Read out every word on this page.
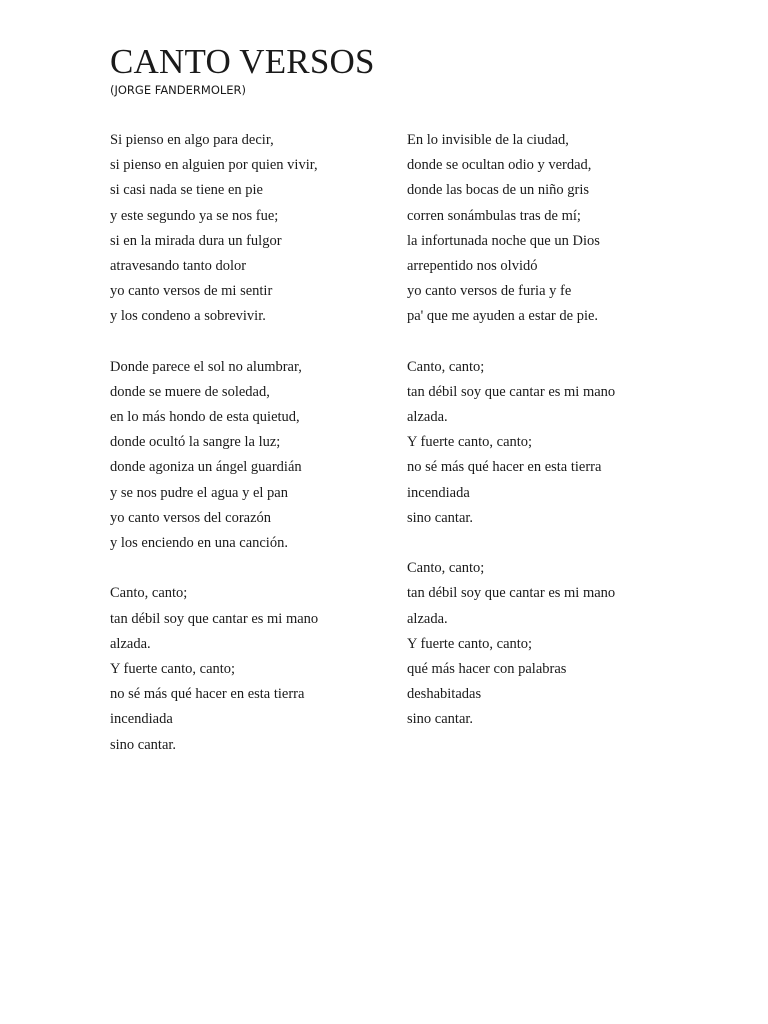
CANTO VERSOS
(JORGE FANDERMOLER)
Si pienso en algo para decir,
si pienso en alguien por quien vivir,
si casi nada se tiene en pie
y este segundo ya se nos fue;
si en la mirada dura un fulgor
atravesando tanto dolor
yo canto versos de mi sentir
y los condeno a sobrevivir.
Donde parece el sol no alumbrar,
donde se muere de soledad,
en lo más hondo de esta quietud,
donde ocultó la sangre la luz;
donde agoniza un ángel guardián
y se nos pudre el agua y el pan
yo canto versos del corazón
y los enciendo en una canción.
Canto, canto;
tan débil soy que cantar es mi mano
alzada.
Y fuerte canto, canto;
no sé más qué hacer en esta tierra
incendiada
sino cantar.
En lo invisible de la ciudad,
donde se ocultan odio y verdad,
donde las bocas de un niño gris
corren sonámbulas tras de mí;
la infortunada noche que un Dios
arrepentido nos olvidó
yo canto versos de furia y fe
pa' que me ayuden a estar de pie.
Canto, canto;
tan débil soy que cantar es mi mano
alzada.
Y fuerte canto, canto;
no sé más qué hacer en esta tierra
incendiada
sino cantar.
Canto, canto;
tan débil soy que cantar es mi mano
alzada.
Y fuerte canto, canto;
qué más hacer con palabras
deshabitadas
sino cantar.
